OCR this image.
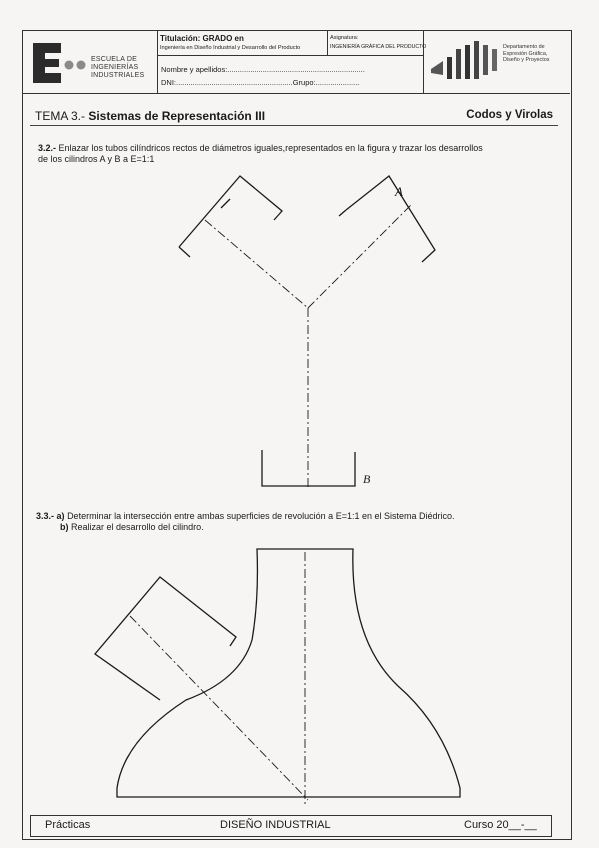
ESCUELA DE
INGENIERÍAS
INDUSTRIALES
Titulación: GRADO en
Ingeniería en Diseño Industrial y Desarrollo del Producto
Asignatura:
INGENIERÍA GRÁFICA DEL PRODUCTO
Nombre y apellidos:..................................................................
DNI:........................................................Grupo:.....................
Departamento de
Expresión Gráfica,
Diseño y Proyectos
TEMA 3.- Sistemas de Representación III	Codos y Virolas
3.2.- Enlazar los tubos cilíndricos rectos de diámetros iguales,representados en la figura y trazar los desarrollos
de los cilindros A y B a E=1:1
3.3.- a) Determinar la intersección entre ambas superficies de revolución a E=1:1 en el Sistema Diédrico.
b) Realizar el desarrollo del cilindro.
A
B
Prácticas	DISEÑO INDUSTRIAL	Curso 20__-__
